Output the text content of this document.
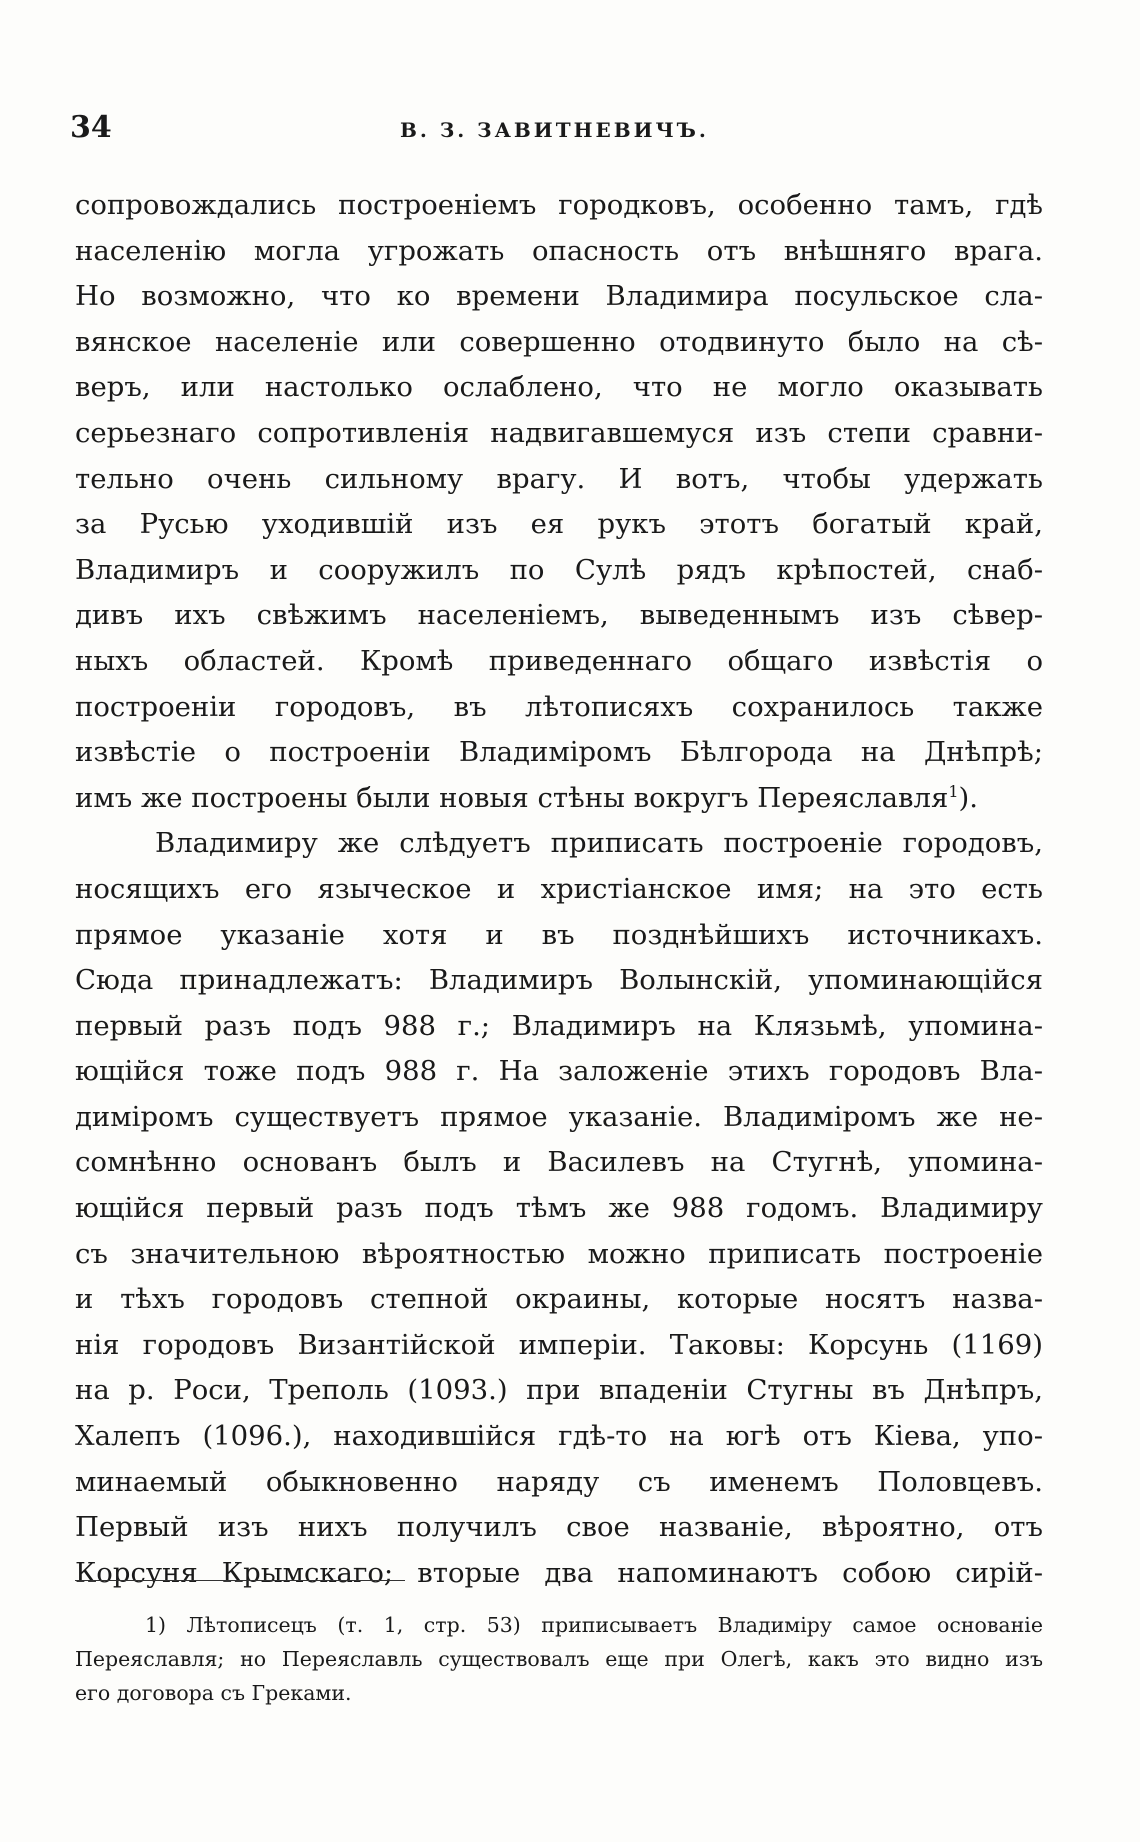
34	В. З. ЗАВИТНЕВИЧЪ.
сопровождались построеніемъ городковъ, особенно тамъ, гдѣ
населенію могла угрожать опасность отъ внѣшняго врага.
Но возможно, что ко времени Владимира посульское сла-
вянское населеніе или совершенно отодвинуто было на сѣ-
веръ, или настолько ослаблено, что не могло оказывать
серьезнаго сопротивленія надвигавшемуся изъ степи сравни-
тельно очень сильному врагу. И вотъ, чтобы удержать
за Русью уходившій изъ ея рукъ этотъ богатый край,
Владимиръ и сооружилъ по Сулѣ рядъ крѣпостей, снаб-
дивъ ихъ свѣжимъ населеніемъ, выведеннымъ изъ сѣвер-
ныхъ областей. Кромѣ приведеннаго общаго извѣстія о
построеніи городовъ, въ лѣтописяхъ сохранилось также
извѣстіе о построеніи Владиміромъ Бѣлгорода на Днѣпрѣ;
имъ же построены были новыя стѣны вокругъ Переяславля$^1$).
Владимиру же слѣдуетъ приписать построеніе городовъ,
носящихъ его языческое и христіанское имя; на это есть
прямое указаніе хотя и въ позднѣйшихъ источникахъ.
Сюда принадлежатъ: Владимиръ Волынскій, упоминающійся
первый разъ подъ 988 г.; Владимиръ на Клязьмѣ, упомина-
ющійся тоже подъ 988 г. На заложеніе этихъ городовъ Вла-
диміромъ существуетъ прямое указаніе. Владиміромъ же не-
сомнѣнно основанъ былъ и Василевъ на Стугнѣ, упомина-
ющійся первый разъ подъ тѣмъ же 988 годомъ. Владимиру
съ значительною вѣроятностью можно приписать построеніе
и тѣхъ городовъ степной окраины, которые носятъ назва-
нія городовъ Византійской имперіи. Таковы: Корсунь (1169)
на р. Роси, Трeполь (1093.) при впаденіи Стугны въ Днѣпръ,
Халепъ (1096.), находившійся гдѣ-то на югѣ отъ Кіева, упо-
минаемый обыкновенно наряду съ именемъ Половцевъ.
Первый изъ нихъ получилъ свое названіе, вѣроятно, отъ
Корсуня Крымскаго; вторые два напоминаютъ собою сирій-
1) Лѣтописецъ (т. 1, стр. 53) приписываетъ Владиміру самое основаніе
Переяславля; но Переяславль существовалъ еще при Олегѣ, какъ это видно изъ
его договора съ Греками.
